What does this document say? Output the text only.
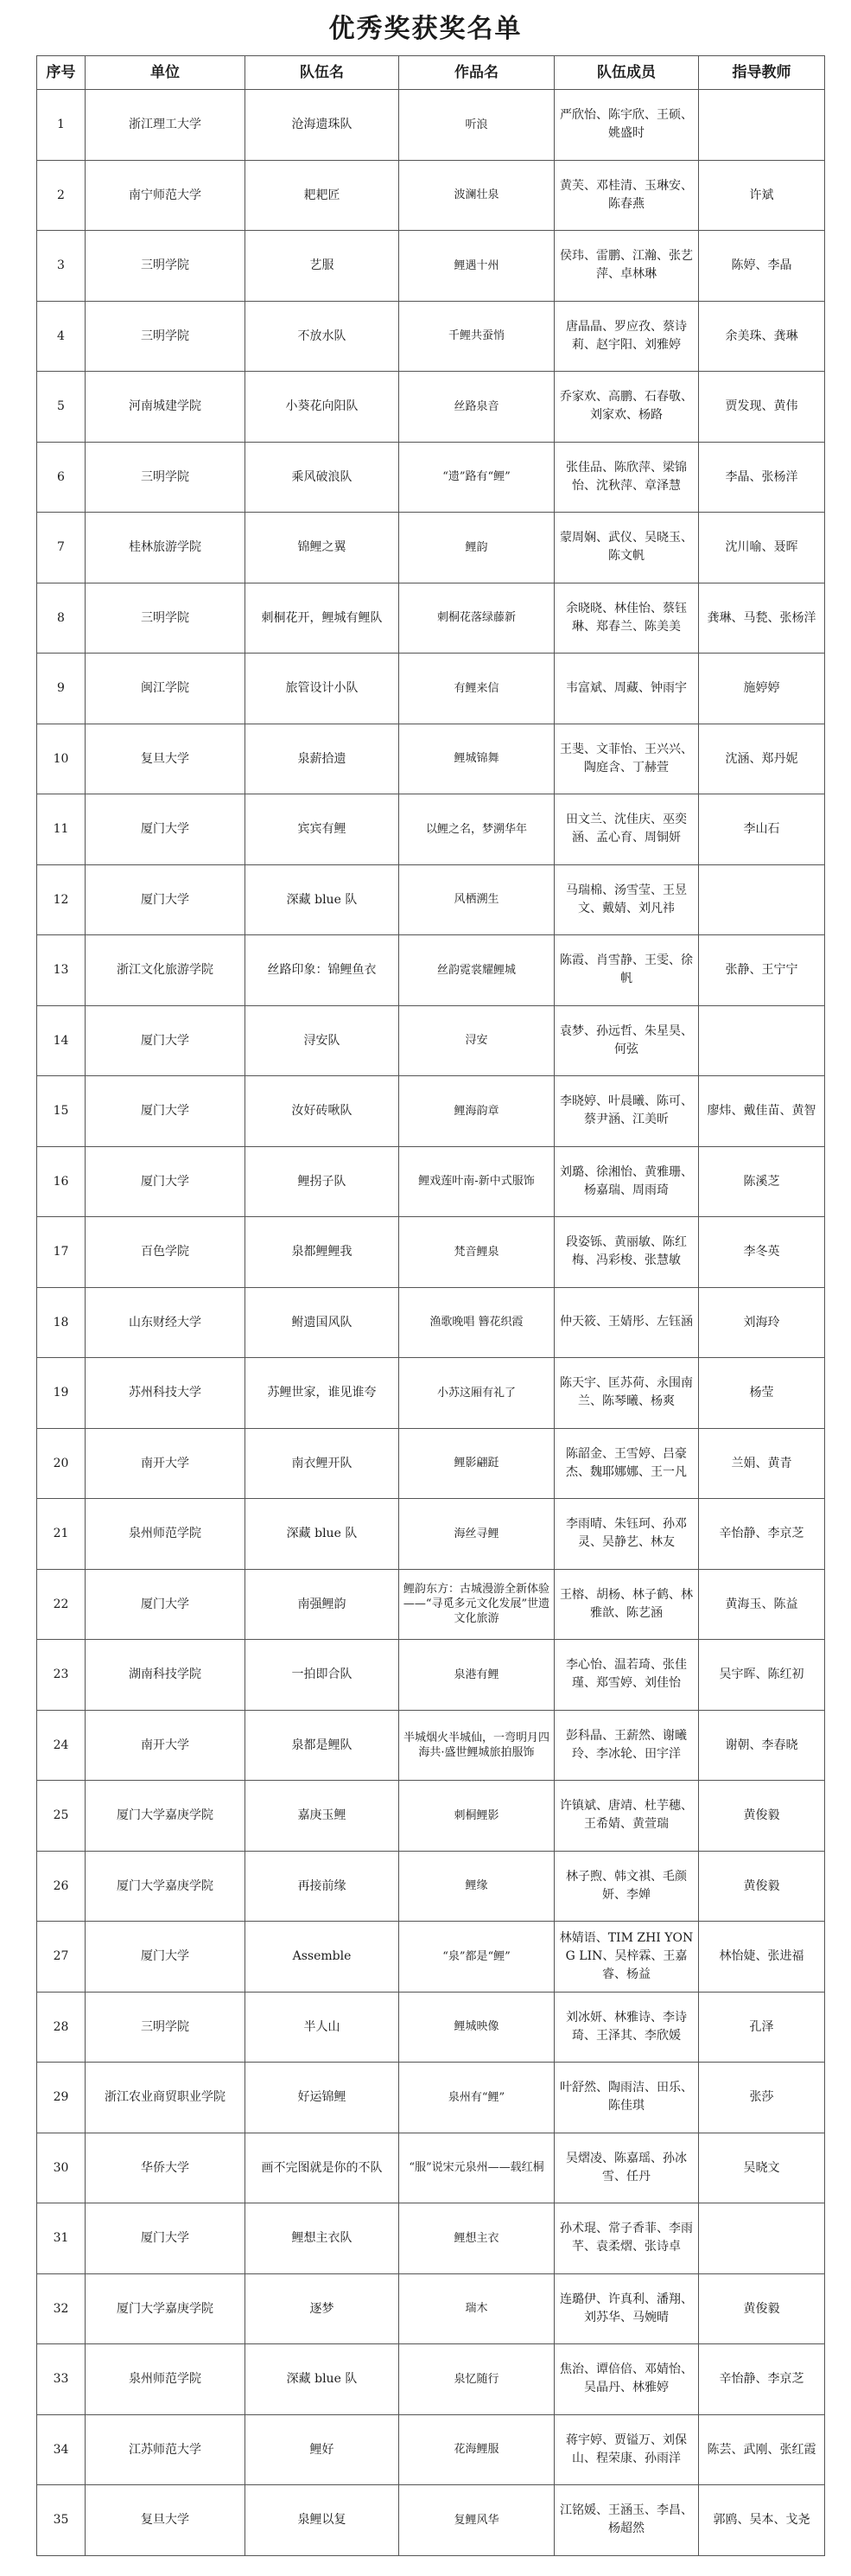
优秀奖获奖名单
序号	单位	队伍名	作品名	队伍成员	指导教师
1	浙江理工大学	沧海遗珠队	听浪	严欣怡、陈宇欣、王硕、姚盛时	
2	南宁师范大学	耙耙匠	波澜壮泉	黄芙、邓桂清、玉琳安、陈春燕	许斌
3	三明学院	艺服	鲤遇十州	侯玮、雷鹏、江瀚、张艺萍、卓林琳	陈婷、李晶
4	三明学院	不放水队	千鲤共蚕悄	唐晶晶、罗应孜、蔡诗莉、赵宇阳、刘雅婷	余美珠、龚琳
5	河南城建学院	小葵花向阳队	丝路泉音	乔家欢、高鹏、石春敬、刘家欢、杨路	贾发现、黄伟
6	三明学院	乘风破浪队	“遗”路有“鲤”	张佳品、陈欣萍、梁锦怡、沈秋萍、章泽慧	李晶、张杨洋
7	桂林旅游学院	锦鲤之翼	鲤韵	蒙周娴、武仪、吴晓玉、陈文帆	沈川喻、聂晖
8	三明学院	刺桐花开，鲤城有鲤队	刺桐花落绿藤新	余晓晓、林佳怡、蔡钰琳、郑春兰、陈美美	龚琳、马甃、张杨洋
9	闽江学院	旅管设计小队	有鲤来信	韦富斌、周藏、钟雨宇	施婷婷
10	复旦大学	泉薪拾遗	鲤城锦舞	王斐、文菲怡、王兴兴、陶庭含、丁赫萱	沈涵、郑丹妮
11	厦门大学	宾宾有鲤	以鲤之名，梦溯华年	田文兰、沈佳庆、巫奕涵、孟心育、周铜妍	李山石
12	厦门大学	深藏 blue 队	风栖溯生	马瑞棉、汤雪莹、王昱文、戴婧、刘凡祎	
13	浙江文化旅游学院	丝路印象：锦鲤鱼衣	丝韵霓裳耀鲤城	陈霞、肖雪静、王雯、徐帆	张静、王宁宁
14	厦门大学	浔安队	浔安	袁梦、孙远哲、朱星昊、何弦	
15	厦门大学	汝好砖啾队	鲤海韵章	李晓婷、叶晨曦、陈可、蔡尹涵、江美昕	廖炜、戴佳苗、黄智
16	厦门大学	鲤拐子队	鲤戏莲叶南-新中式服饰	刘璐、徐湘怡、黄雅珊、杨嘉瑞、周雨琦	陈溪芝
17	百色学院	泉都鲤鲤我	梵音鲤泉	段姿铄、黄丽敏、陈红梅、冯彩梭、张慧敏	李冬英
18	山东财经大学	鲋遗国风队	渔歌晚唱 簪花织霞	仲天筱、王婧彤、左钰涵	刘海玲
19	苏州科技大学	苏鲤世家，谁见谁夸	小苏这厢有礼了	陈天宇、匡苏荷、永围南兰、陈琴曦、杨爽	杨莹
20	南开大学	南衣鲤开队	鲤影翩跹	陈韶金、王雪婷、吕豪杰、魏耶娜娜、王一凡	兰娟、黄青
21	泉州师范学院	深藏 blue 队	海丝寻鲤	李雨晴、朱钰珂、孙邓灵、吴静艺、林友	辛怡静、李京芝
22	厦门大学	南强鲤韵	鲤韵东方：古城漫游全新体验——“寻觅多元文化发展”世遗文化旅游	王榕、胡杨、林子鹤、林雅歆、陈艺涵	黄海玉、陈益
23	湖南科技学院	一拍即合队	泉港有鲤	李心怡、温若琦、张佳瑾、郑雪婷、刘佳怡	吴宇晖、陈红初
24	南开大学	泉都是鲤队	半城烟火半城仙，一弯明月四海共·盛世鲤城旅拍服饰	彭科晶、王薪然、谢曦玲、李冰轮、田宇洋	谢朝、李春晓
25	厦门大学嘉庚学院	嘉庚玉鲤	刺桐鲤影	许镇斌、唐靖、杜芋穗、王希婧、黄萱瑞	黄俊毅
26	厦门大学嘉庚学院	再接前缘	鲤缘	林子煦、韩文祺、毛颜妍、李婵	黄俊毅
27	厦门大学	Assemble	“泉”都是“鲤”	林婧语、TIM ZHI YONG LIN、吴梓霖、王嘉睿、杨益	林怡婕、张进福
28	三明学院	半人山	鲤城映像	刘冰妍、林雅诗、李诗琦、王泽其、李欣媛	孔泽
29	浙江农业商贸职业学院	好运锦鲤	泉州有“鲤”	叶舒然、陶雨洁、田乐、陈佳琪	张莎
30	华侨大学	画不完图就是你的不队	“服”说宋元泉州——载红桐	吴熠凌、陈嘉瑶、孙冰雪、任丹	吴晓文
31	厦门大学	鲤想主衣队	鲤想主衣	孙术琨、常子香菲、李雨芊、袁柔熠、张诗卓	
32	厦门大学嘉庚学院	逐梦	瑞木	连璐伊、许真利、潘翔、刘苏华、马婉晴	黄俊毅
33	泉州师范学院	深藏 blue 队	泉忆随行	焦治、谭倍倍、邓婧怡、吴晶丹、林雅婷	辛怡静、李京芝
34	江苏师范大学	鲤好	花海鲤服	蒋宇婷、贾镒万、刘保山、程荣康、孙雨洋	陈芸、武刚、张红霞
35	复旦大学	泉鲤以复	复鲤风华	江铭媛、王涵玉、李昌、杨超然	郭鸥、吴本、戈尧
